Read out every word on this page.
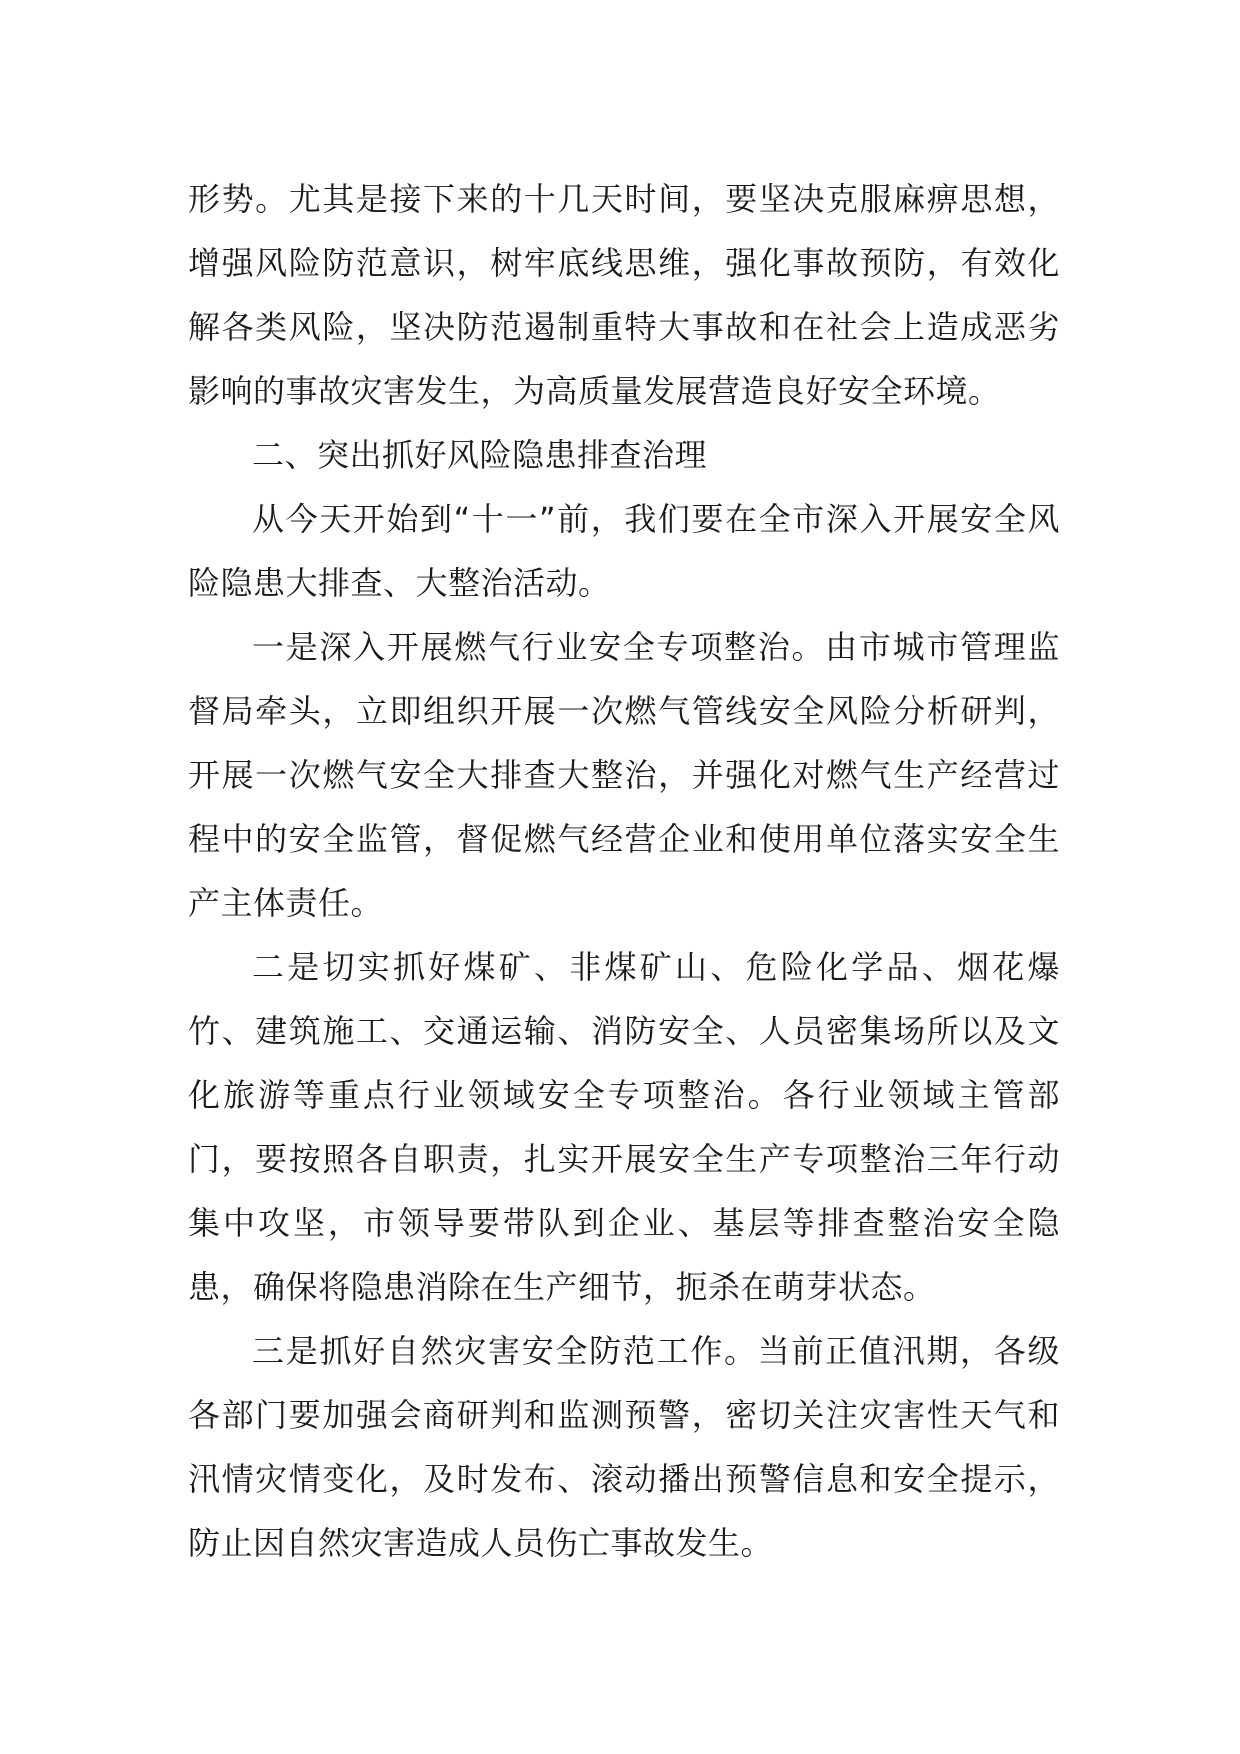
形势。尤其是接下来的十几天时间，要坚决克服麻痹思想，增强风险防范意识，树牢底线思维，强化事故预防，有效化解各类风险，坚决防范遏制重特大事故和在社会上造成恶劣影响的事故灾害发生，为高质量发展营造良好安全环境。

二、突出抓好风险隐患排查治理

从今天开始到“十一”前，我们要在全市深入开展安全风险隐患大排查、大整治活动。

一是深入开展燃气行业安全专项整治。由市城市管理监督局牵头，立即组织开展一次燃气管线安全风险分析研判，开展一次燃气安全大排查大整治，并强化对燃气生产经营过程中的安全监管，督促燃气经营企业和使用单位落实安全生产主体责任。

二是切实抓好煤矿、非煤矿山、危险化学品、烟花爆竹、建筑施工、交通运输、消防安全、人员密集场所以及文化旅游等重点行业领域安全专项整治。各行业领域主管部门，要按照各自职责，扎实开展安全生产专项整治三年行动集中攻坚，市领导要带队到企业、基层等排查整治安全隐患，确保将隐患消除在生产细节，扼杀在萌芽状态。

三是抓好自然灾害安全防范工作。当前正值汛期，各级各部门要加强会商研判和监测预警，密切关注灾害性天气和汛情灾情变化，及时发布、滚动播出预警信息和安全提示，防止因自然灾害造成人员伤亡事故发生。
